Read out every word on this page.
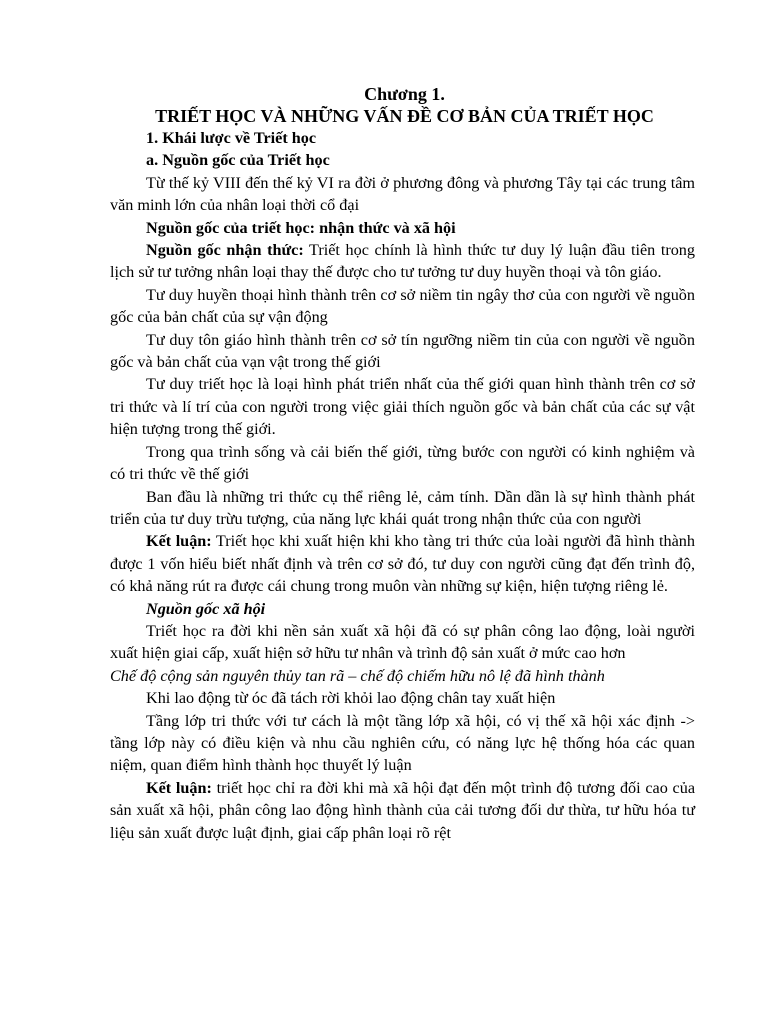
Chương 1.
TRIẾT HỌC VÀ NHỮNG VẤN ĐỀ CƠ BẢN CỦA TRIẾT HỌC
1. Khái lược về Triết học
a. Nguồn gốc của Triết học

Từ thế kỷ VIII đến thế kỷ VI ra đời ở phương đông và phương Tây tại các trung tâm văn minh lớn của nhân loại thời cổ đại

Nguồn gốc của triết học: nhận thức và xã hội

Nguồn gốc nhận thức: Triết học chính là hình thức tư duy lý luận đầu tiên trong lịch sử tư tưởng nhân loại thay thế được cho tư tưởng tư duy huyền thoại và tôn giáo.

Tư duy huyền thoại hình thành trên cơ sở niềm tin ngây thơ của con người về nguồn gốc của bản chất của sự vận động

Tư duy tôn giáo hình thành trên cơ sở tín ngưỡng niềm tin của con người về nguồn gốc và bản chất của vạn vật trong thế giới

Tư duy triết học là loại hình phát triển nhất của thế giới quan hình thành trên cơ sở tri thức và lí trí của con người trong việc giải thích nguồn gốc và bản chất của các sự vật hiện tượng trong thế giới.

Trong qua trình sống và cải biến thế giới, từng bước con người có kinh nghiệm và có tri thức về thế giới

Ban đầu là những tri thức cụ thể riêng lẻ, cảm tính. Dần dần là sự hình thành phát triển của tư duy trừu tượng, của năng lực khái quát trong nhận thức của con người

Kết luận: Triết học khi xuất hiện khi kho tàng tri thức của loài người đã hình thành được 1 vốn hiểu biết nhất định và trên cơ sở đó, tư duy con người cũng đạt đến trình độ, có khả năng rút ra được cái chung trong muôn vàn những sự kiện, hiện tượng riêng lẻ.

Nguồn gốc xã hội

Triết học ra đời khi nền sản xuất xã hội đã có sự phân công lao động, loài người xuất hiện giai cấp, xuất hiện sở hữu tư nhân và trình độ sản xuất ở mức cao hơn

Chế độ cộng sản nguyên thủy tan rã – chế độ chiếm hữu nô lệ đã hình thành

Khi lao động từ óc đã tách rời khỏi lao động chân tay xuất hiện

Tầng lớp tri thức với tư cách là một tầng lớp xã hội, có vị thế xã hội xác định -> tầng lớp này có điều kiện và nhu cầu nghiên cứu, có năng lực hệ thống hóa các quan niệm, quan điểm hình thành học thuyết lý luận

Kết luận: triết học chỉ ra đời khi mà xã hội đạt đến một trình độ tương đối cao của sản xuất xã hội, phân công lao động hình thành của cải tương đối dư thừa, tư hữu hóa tư liệu sản xuất được luật định, giai cấp phân loại rõ rệt
